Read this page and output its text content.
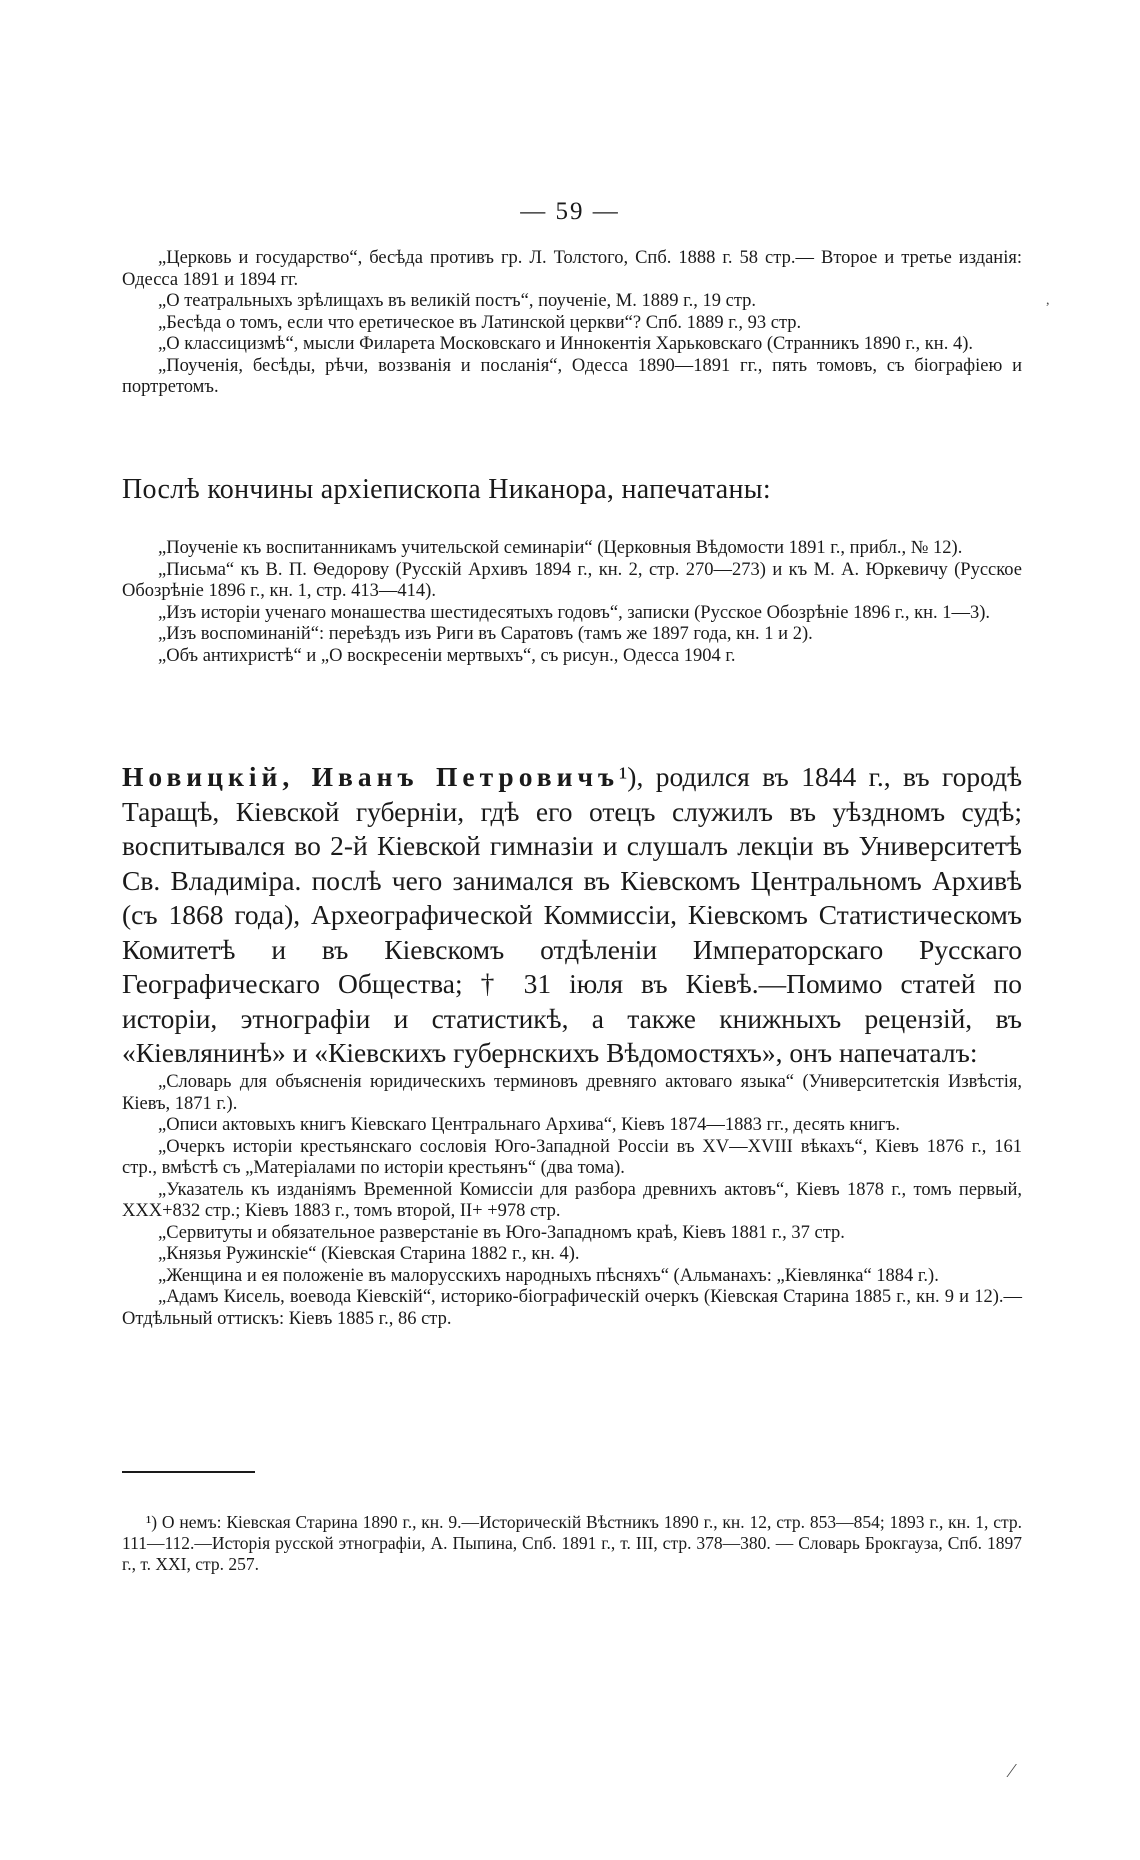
— 59 —

„Церковь и государство“, бесѣда противъ гр. Л. Толстого, Спб. 1888 г. 58 стр.— Второе и третье изданія: Одесса 1891 и 1894 гг.

„О театральныхъ зрѣлищахъ въ великій постъ“, поученіе, М. 1889 г., 19 стр.

„Бесѣда о томъ, если что еретическое въ Латинской церкви“? Спб. 1889 г., 93 стр.

„О классицизмѣ“, мысли Филарета Московскаго и Иннокентія Харьковскаго (Странникъ 1890 г., кн. 4).

„Поученія, бесѣды, рѣчи, воззванія и посланія“, Одесса 1890—1891 гг., пять томовъ, съ біографіею и портретомъ.

Послѣ кончины архіепископа Никанора, напечатаны:

„Поученіе къ воспитанникамъ учительской семинаріи“ (Церковныя Вѣдомости 1891 г., прибл., № 12).

„Письма“ къ В. П. Ѳедорову (Русскій Архивъ 1894 г., кн. 2, стр. 270—273) и къ М. А. Юркевичу (Русское Обозрѣніе 1896 г., кн. 1, стр. 413—414).

„Изъ исторіи ученаго монашества шестидесятыхъ годовъ“, записки (Русское Обозрѣніе 1896 г., кн. 1—3).

„Изъ воспоминаній“: переѣздъ изъ Риги въ Саратовъ (тамъ же 1897 года, кн. 1 и 2).

„Объ антихристѣ“ и „О воскресеніи мертвыхъ“, съ рисун., Одесса 1904 г.

Новицкій, Иванъ Петровичъ¹), родился въ 1844 г., въ городѣ Таращѣ, Кіевской губерніи, гдѣ его отецъ служилъ въ уѣздномъ судѣ; воспитывался во 2-й Кіевской гимназіи и слушалъ лекціи въ Университетѣ Св. Владиміра. послѣ чего занимался въ Кіевскомъ Центральномъ Архивѣ (съ 1868 года), Археографической Коммиссіи, Кіевскомъ Статистическомъ Комитетѣ и въ Кіевскомъ отдѣленіи Императорскаго Русскаго Географическаго Общества; † 31 іюля въ Кіевѣ.—Помимо статей по исторіи, этнографіи и статистикѣ, а также книжныхъ рецензій, въ «Кіевлянинѣ» и «Кіевскихъ губернскихъ Вѣдомостяхъ», онъ напечаталъ:

„Словарь для объясненія юридическихъ терминовъ древняго актоваго языка“ (Университетскія Извѣстія, Кіевъ, 1871 г.).

„Описи актовыхъ книгъ Кіевскаго Центральнаго Архива“, Кіевъ 1874—1883 гг., десять книгъ.

„Очеркъ исторіи крестьянскаго сословія Юго-Западной Россіи въ XV—XVIII вѣкахъ“, Кіевъ 1876 г., 161 стр., вмѣстѣ съ „Матеріалами по исторіи крестьянъ“ (два тома).

„Указатель къ изданіямъ Временной Комиссіи для разбора древнихъ актовъ“, Кіевъ 1878 г., томъ первый, XXX+832 стр.; Кіевъ 1883 г., томъ второй, II+ +978 стр.

„Сервитуты и обязательное разверстаніе въ Юго-Западномъ краѣ, Кіевъ 1881 г., 37 стр.

„Князья Ружинскіе“ (Кіевская Старина 1882 г., кн. 4).

„Женщина и ея положеніе въ малорусскихъ народныхъ пѣсняхъ“ (Альманахъ: „Кіевлянка“ 1884 г.).

„Адамъ Кисель, воевода Кіевскій“, историко-біографическій очеркъ (Кіевская Старина 1885 г., кн. 9 и 12).—Отдѣльный оттискъ: Кіевъ 1885 г., 86 стр.

¹) О немъ: Кіевская Старина 1890 г., кн. 9.—Историческій Вѣстникъ 1890 г., кн. 12, стр. 853—854; 1893 г., кн. 1, стр. 111—112.—Исторія русской этнографіи, А. Пыпина, Спб. 1891 г., т. III, стр. 378—380. — Словарь Брокгауза, Спб. 1897 г., т. XXI, стр. 257.

,
⁄
